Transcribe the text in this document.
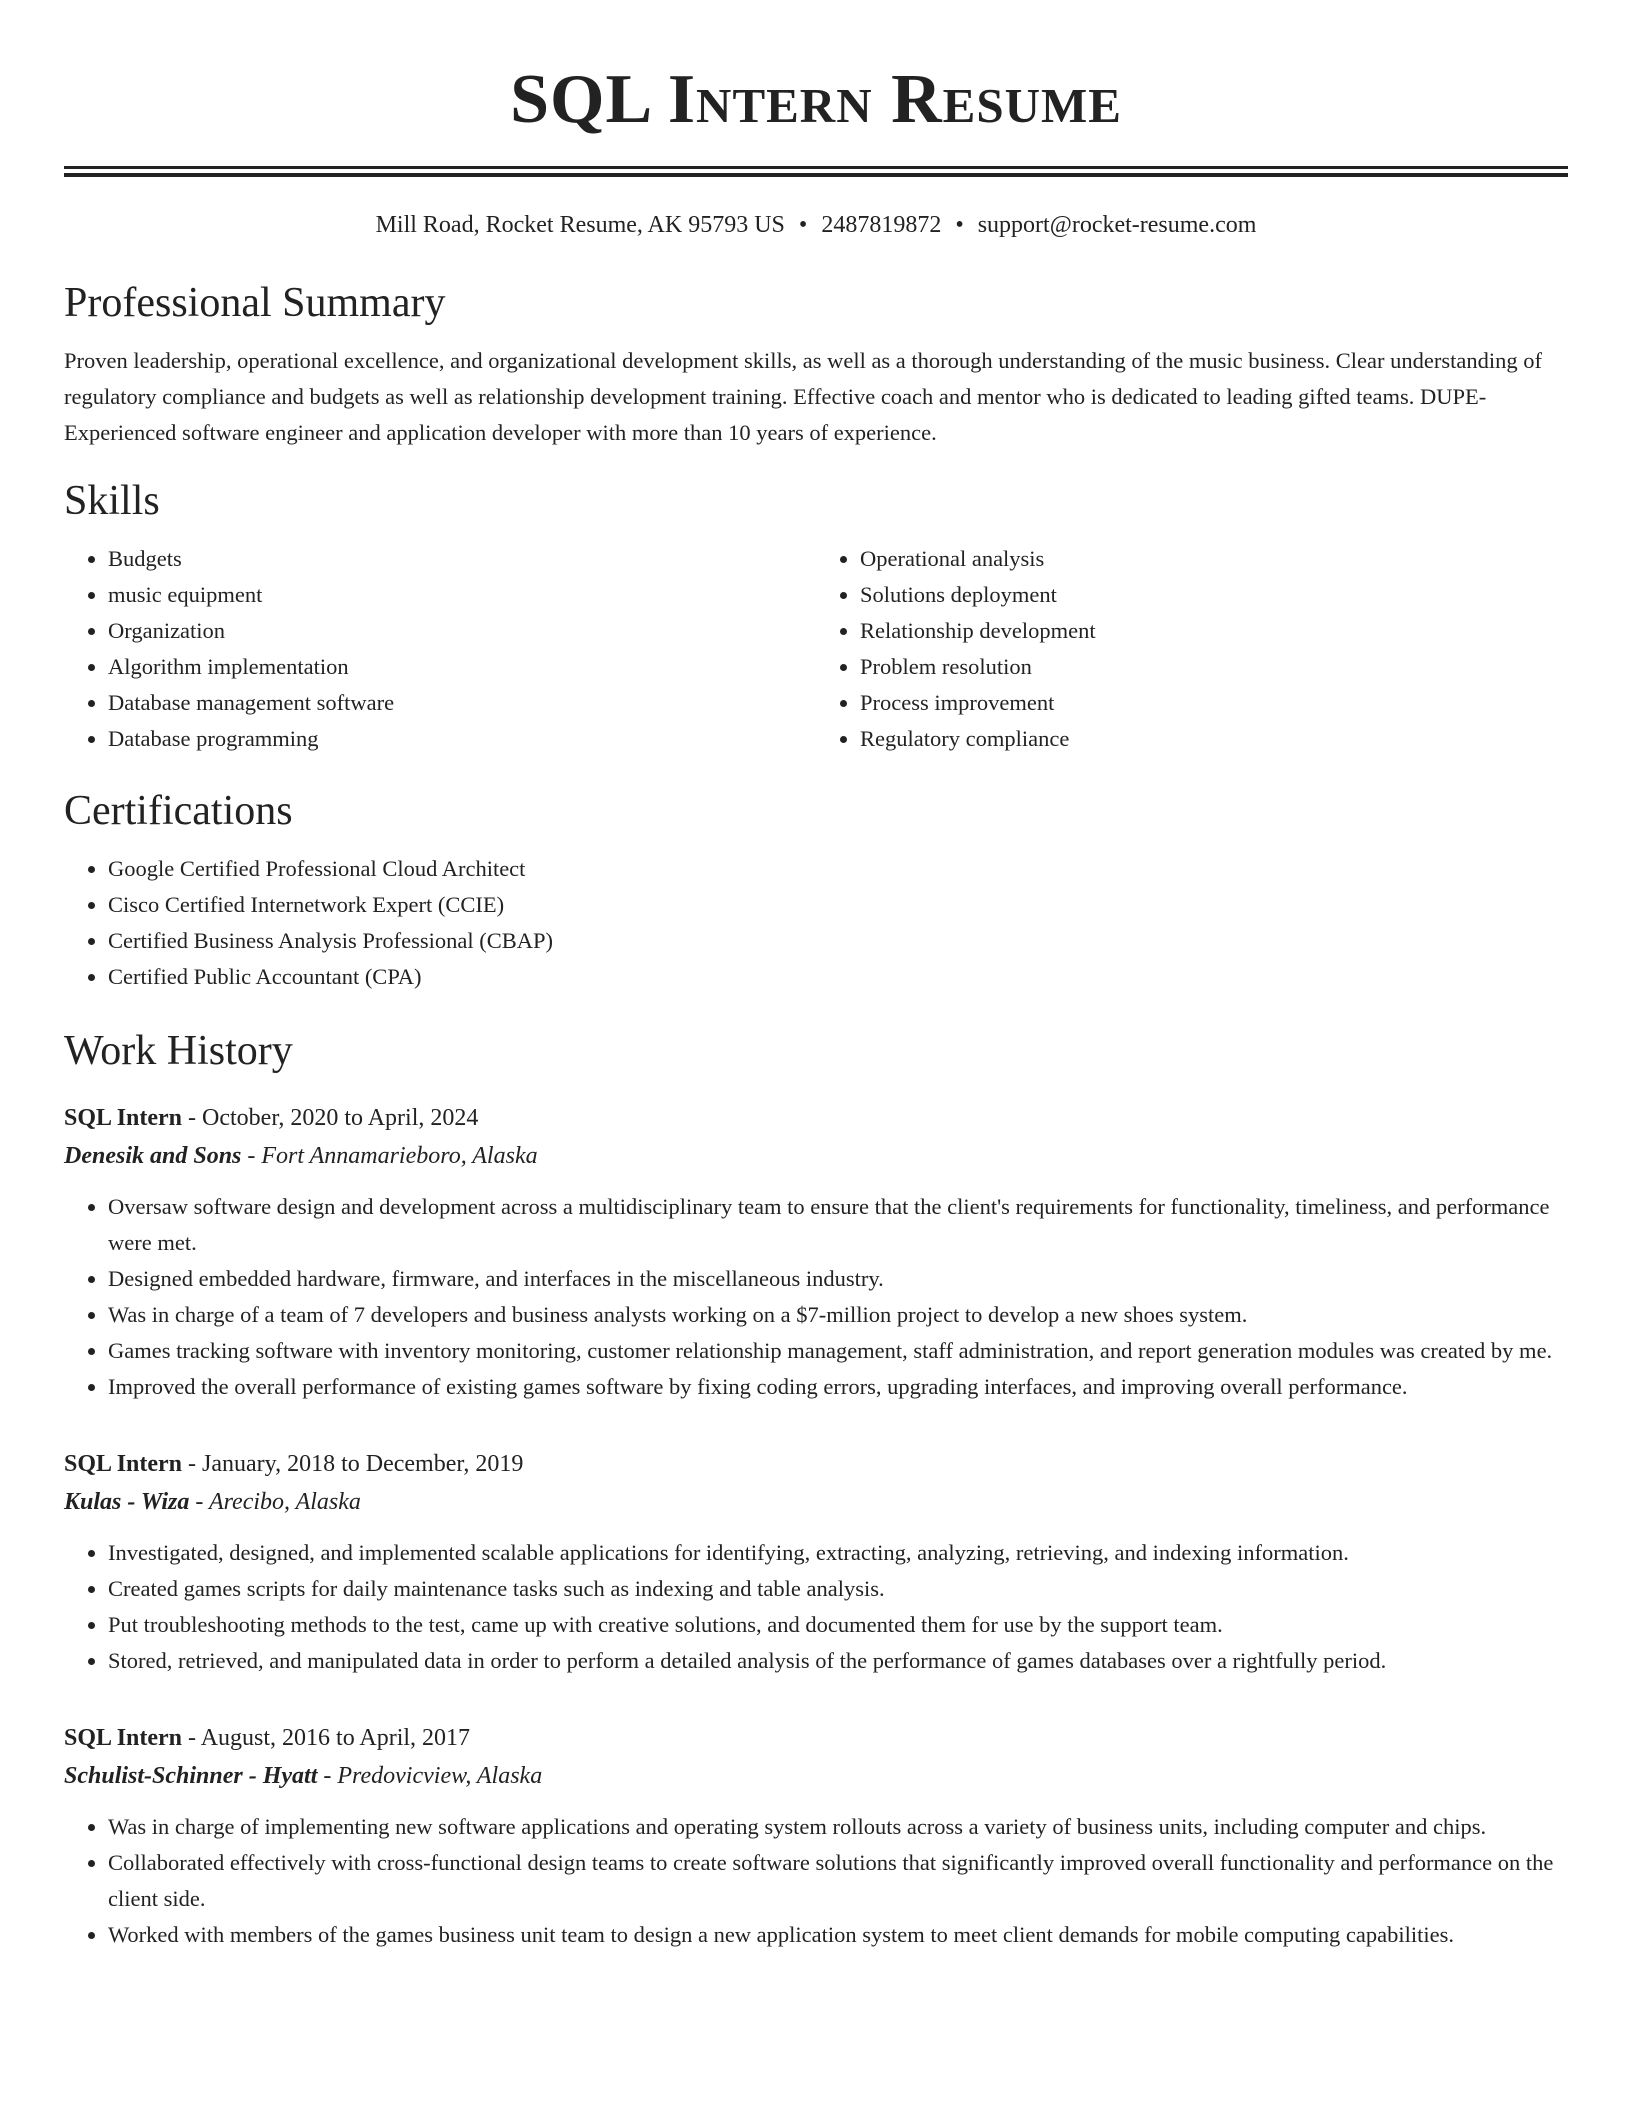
SQL Intern Resume
Mill Road, Rocket Resume, AK 95793 US • 2487819872 • support@rocket-resume.com
Professional Summary

Proven leadership, operational excellence, and organizational development skills, as well as a thorough understanding of the music business. Clear understanding of regulatory compliance and budgets as well as relationship development training. Effective coach and mentor who is dedicated to leading gifted teams. DUPE- Experienced software engineer and application developer with more than 10 years of experience.

Skills
• Budgets
• music equipment
• Organization
• Algorithm implementation
• Database management software
• Database programming
• Operational analysis
• Solutions deployment
• Relationship development
• Problem resolution
• Process improvement
• Regulatory compliance
Certifications
• Google Certified Professional Cloud Architect
• Cisco Certified Internetwork Expert (CCIE)
• Certified Business Analysis Professional (CBAP)
• Certified Public Accountant (CPA)
Work History
SQL Intern - October, 2020 to April, 2024
Denesik and Sons - Fort Annamarieboro, Alaska
• Oversaw software design and development across a multidisciplinary team to ensure that the client's requirements for functionality, timeliness, and performance were met.
• Designed embedded hardware, firmware, and interfaces in the miscellaneous industry.
• Was in charge of a team of 7 developers and business analysts working on a $7-million project to develop a new shoes system.
• Games tracking software with inventory monitoring, customer relationship management, staff administration, and report generation modules was created by me.
• Improved the overall performance of existing games software by fixing coding errors, upgrading interfaces, and improving overall performance.
SQL Intern - January, 2018 to December, 2019
Kulas - Wiza - Arecibo, Alaska
• Investigated, designed, and implemented scalable applications for identifying, extracting, analyzing, retrieving, and indexing information.
• Created games scripts for daily maintenance tasks such as indexing and table analysis.
• Put troubleshooting methods to the test, came up with creative solutions, and documented them for use by the support team.
• Stored, retrieved, and manipulated data in order to perform a detailed analysis of the performance of games databases over a rightfully period.
SQL Intern - August, 2016 to April, 2017
Schulist-Schinner - Hyatt - Predovicview, Alaska
• Was in charge of implementing new software applications and operating system rollouts across a variety of business units, including computer and chips.
• Collaborated effectively with cross-functional design teams to create software solutions that significantly improved overall functionality and performance on the client side.
• Worked with members of the games business unit team to design a new application system to meet client demands for mobile computing capabilities.
